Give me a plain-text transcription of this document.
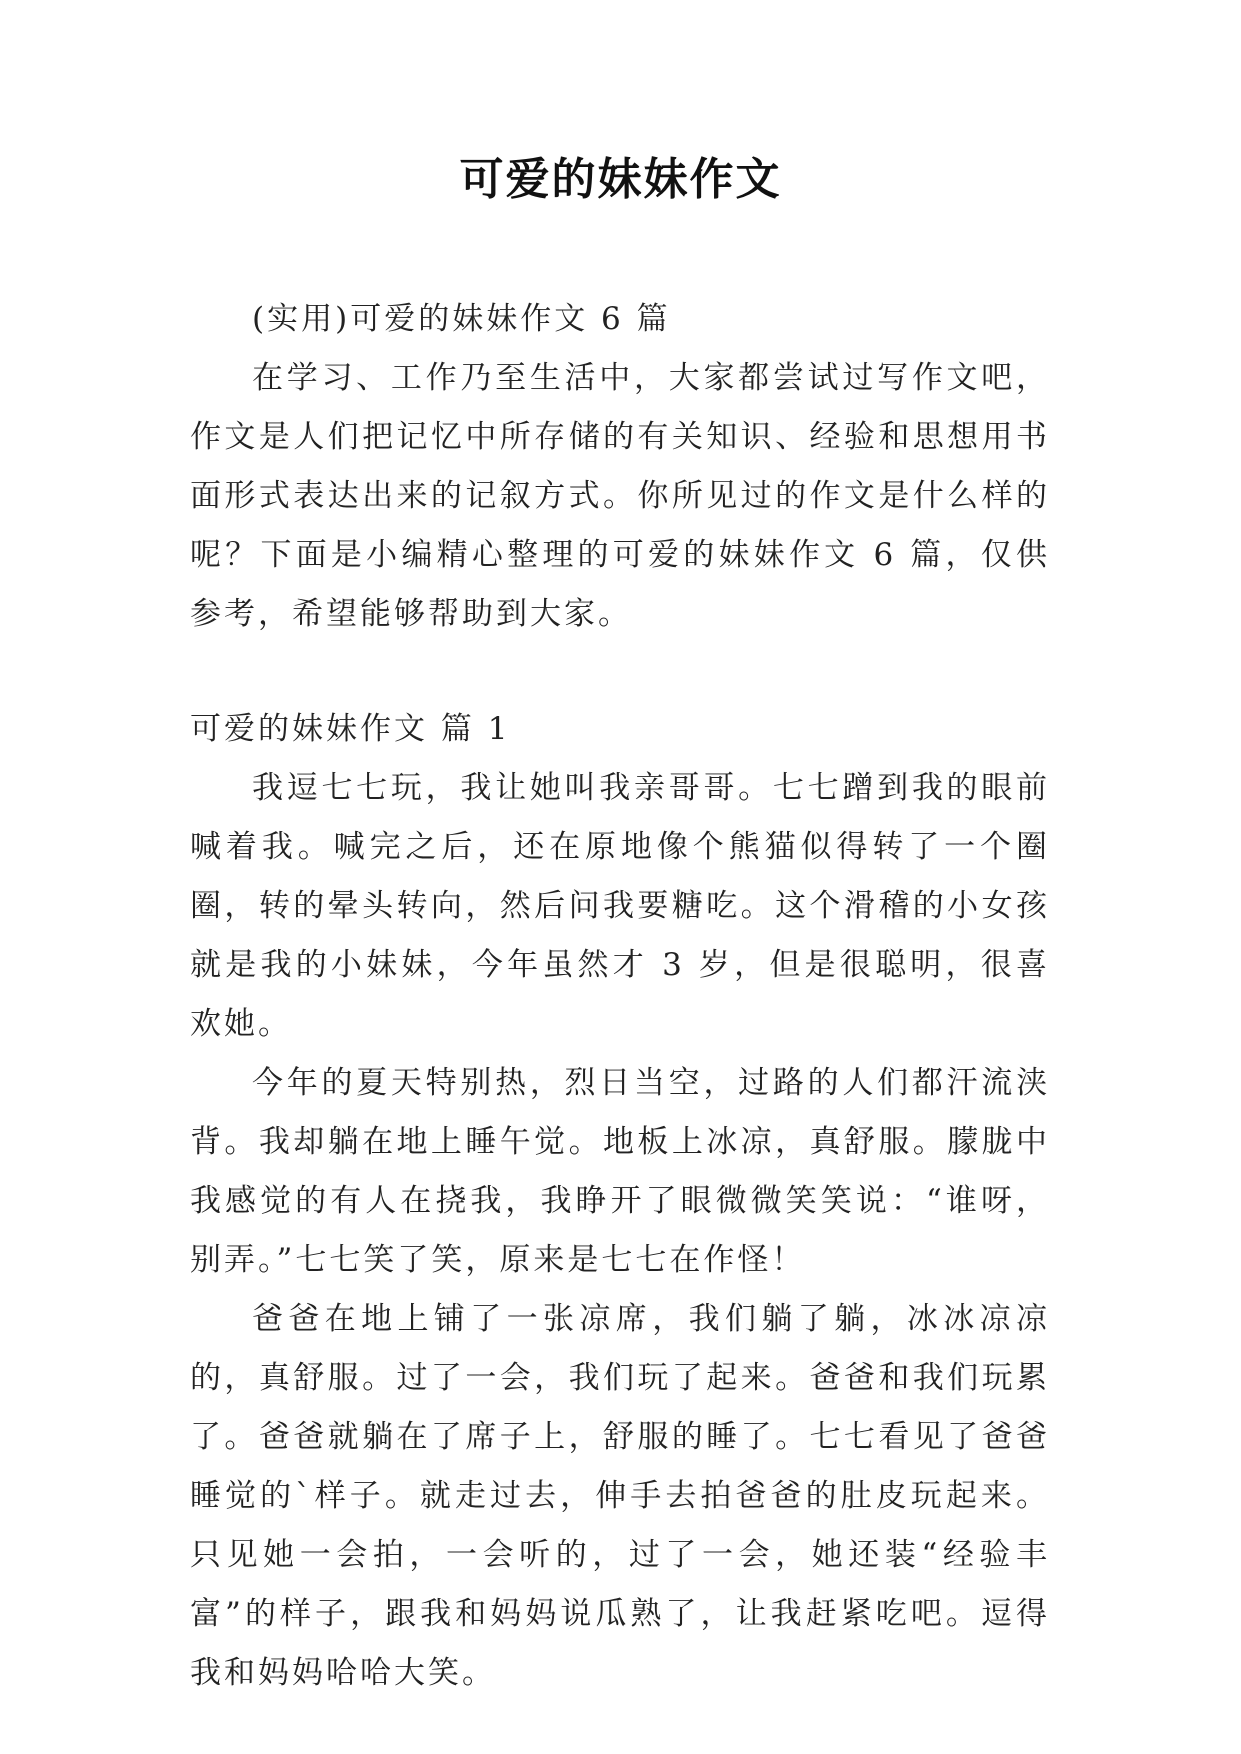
可爱的妹妹作文

(实用)可爱的妹妹作文 6 篇

在学习、工作乃至生活中，大家都尝试过写作文吧，作文是人们把记忆中所存储的有关知识、经验和思想用书面形式表达出来的记叙方式。你所见过的作文是什么样的呢？下面是小编精心整理的可爱的妹妹作文 6 篇，仅供参考，希望能够帮助到大家。

可爱的妹妹作文 篇 1

我逗七七玩，我让她叫我亲哥哥。七七蹭到我的眼前喊着我。喊完之后，还在原地像个熊猫似得转了一个圈圈，转的晕头转向，然后问我要糖吃。这个滑稽的小女孩就是我的小妹妹，今年虽然才 3 岁，但是很聪明，很喜欢她。

今年的夏天特别热，烈日当空，过路的人们都汗流浃背。我却躺在地上睡午觉。地板上冰凉，真舒服。朦胧中我感觉的有人在挠我，我睁开了眼微微笑笑说：“谁呀，别弄。”七七笑了笑，原来是七七在作怪！

爸爸在地上铺了一张凉席，我们躺了躺，冰冰凉凉的，真舒服。过了一会，我们玩了起来。爸爸和我们玩累了。爸爸就躺在了席子上，舒服的睡了。七七看见了爸爸睡觉的`样子。就走过去，伸手去拍爸爸的肚皮玩起来。只见她一会拍，一会听的，过了一会，她还装“经验丰富”的样子，跟我和妈妈说瓜熟了，让我赶紧吃吧。逗得我和妈妈哈哈大笑。
